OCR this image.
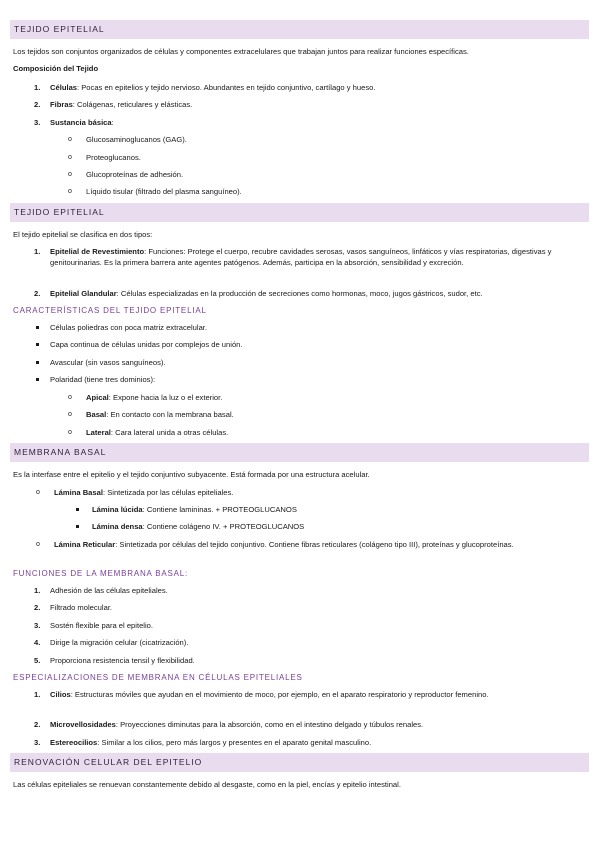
TEJIDO EPITELIAL
Los tejidos son conjuntos organizados de células y componentes extracelulares que trabajan juntos para realizar funciones específicas.
Composición del Tejido
1. Células: Pocas en epitelios y tejido nervioso. Abundantes en tejido conjuntivo, cartílago y hueso.
2. Fibras: Colágenas, reticulares y elásticas.
3. Sustancia básica:
o Glucosaminoglucanos (GAG).
o Proteoglucanos.
o Glucoproteínas de adhesión.
o Líquido tisular (filtrado del plasma sanguíneo).
TEJIDO EPITELIAL
El tejido epitelial se clasifica en dos tipos:
1. Epitelial de Revestimiento: Funciones: Protege el cuerpo, recubre cavidades serosas, vasos sanguíneos, linfáticos y vías respiratorias, digestivas y genitourinarias. Es la primera barrera ante agentes patógenos. Además, participa en la absorción, sensibilidad y excreción.
2. Epitelial Glandular: Células especializadas en la producción de secreciones como hormonas, moco, jugos gástricos, sudor, etc.
CARACTERÍSTICAS DEL TEJIDO EPITELIAL
Células poliedras con poca matriz extracelular.
Capa continua de células unidas por complejos de unión.
Avascular (sin vasos sanguíneos).
Polaridad (tiene tres dominios):
o Apical: Expone hacia la luz o el exterior.
o Basal: En contacto con la membrana basal.
o Lateral: Cara lateral unida a otras células.
MEMBRANA BASAL
Es la interfase entre el epitelio y el tejido conjuntivo subyacente. Está formada por una estructura acelular.
o Lámina Basal: Sintetizada por las células epiteliales.
Lámina lúcida: Contiene lamininas. + PROTEOGLUCANOS
Lámina densa: Contiene colágeno IV. + PROTEOGLUCANOS
o Lámina Reticular: Sintetizada por células del tejido conjuntivo. Contiene fibras reticulares (colágeno tipo III), proteínas y glucoproteínas.
FUNCIONES DE LA MEMBRANA BASAL:
1. Adhesión de las células epiteliales.
2. Filtrado molecular.
3. Sostén flexible para el epitelio.
4. Dirige la migración celular (cicatrización).
5. Proporciona resistencia tensil y flexibilidad.
ESPECIALIZACIONES DE MEMBRANA EN CÉLULAS EPITELIALES
1. Cilios: Estructuras móviles que ayudan en el movimiento de moco, por ejemplo, en el aparato respiratorio y reproductor femenino.
2. Microvellosidades: Proyecciones diminutas para la absorción, como en el intestino delgado y túbulos renales.
3. Estereocilios: Similar a los cilios, pero más largos y presentes en el aparato genital masculino.
RENOVACIÓN CELULAR DEL EPITELIO
Las células epiteliales se renuevan constantemente debido al desgaste, como en la piel, encías y epitelio intestinal.
